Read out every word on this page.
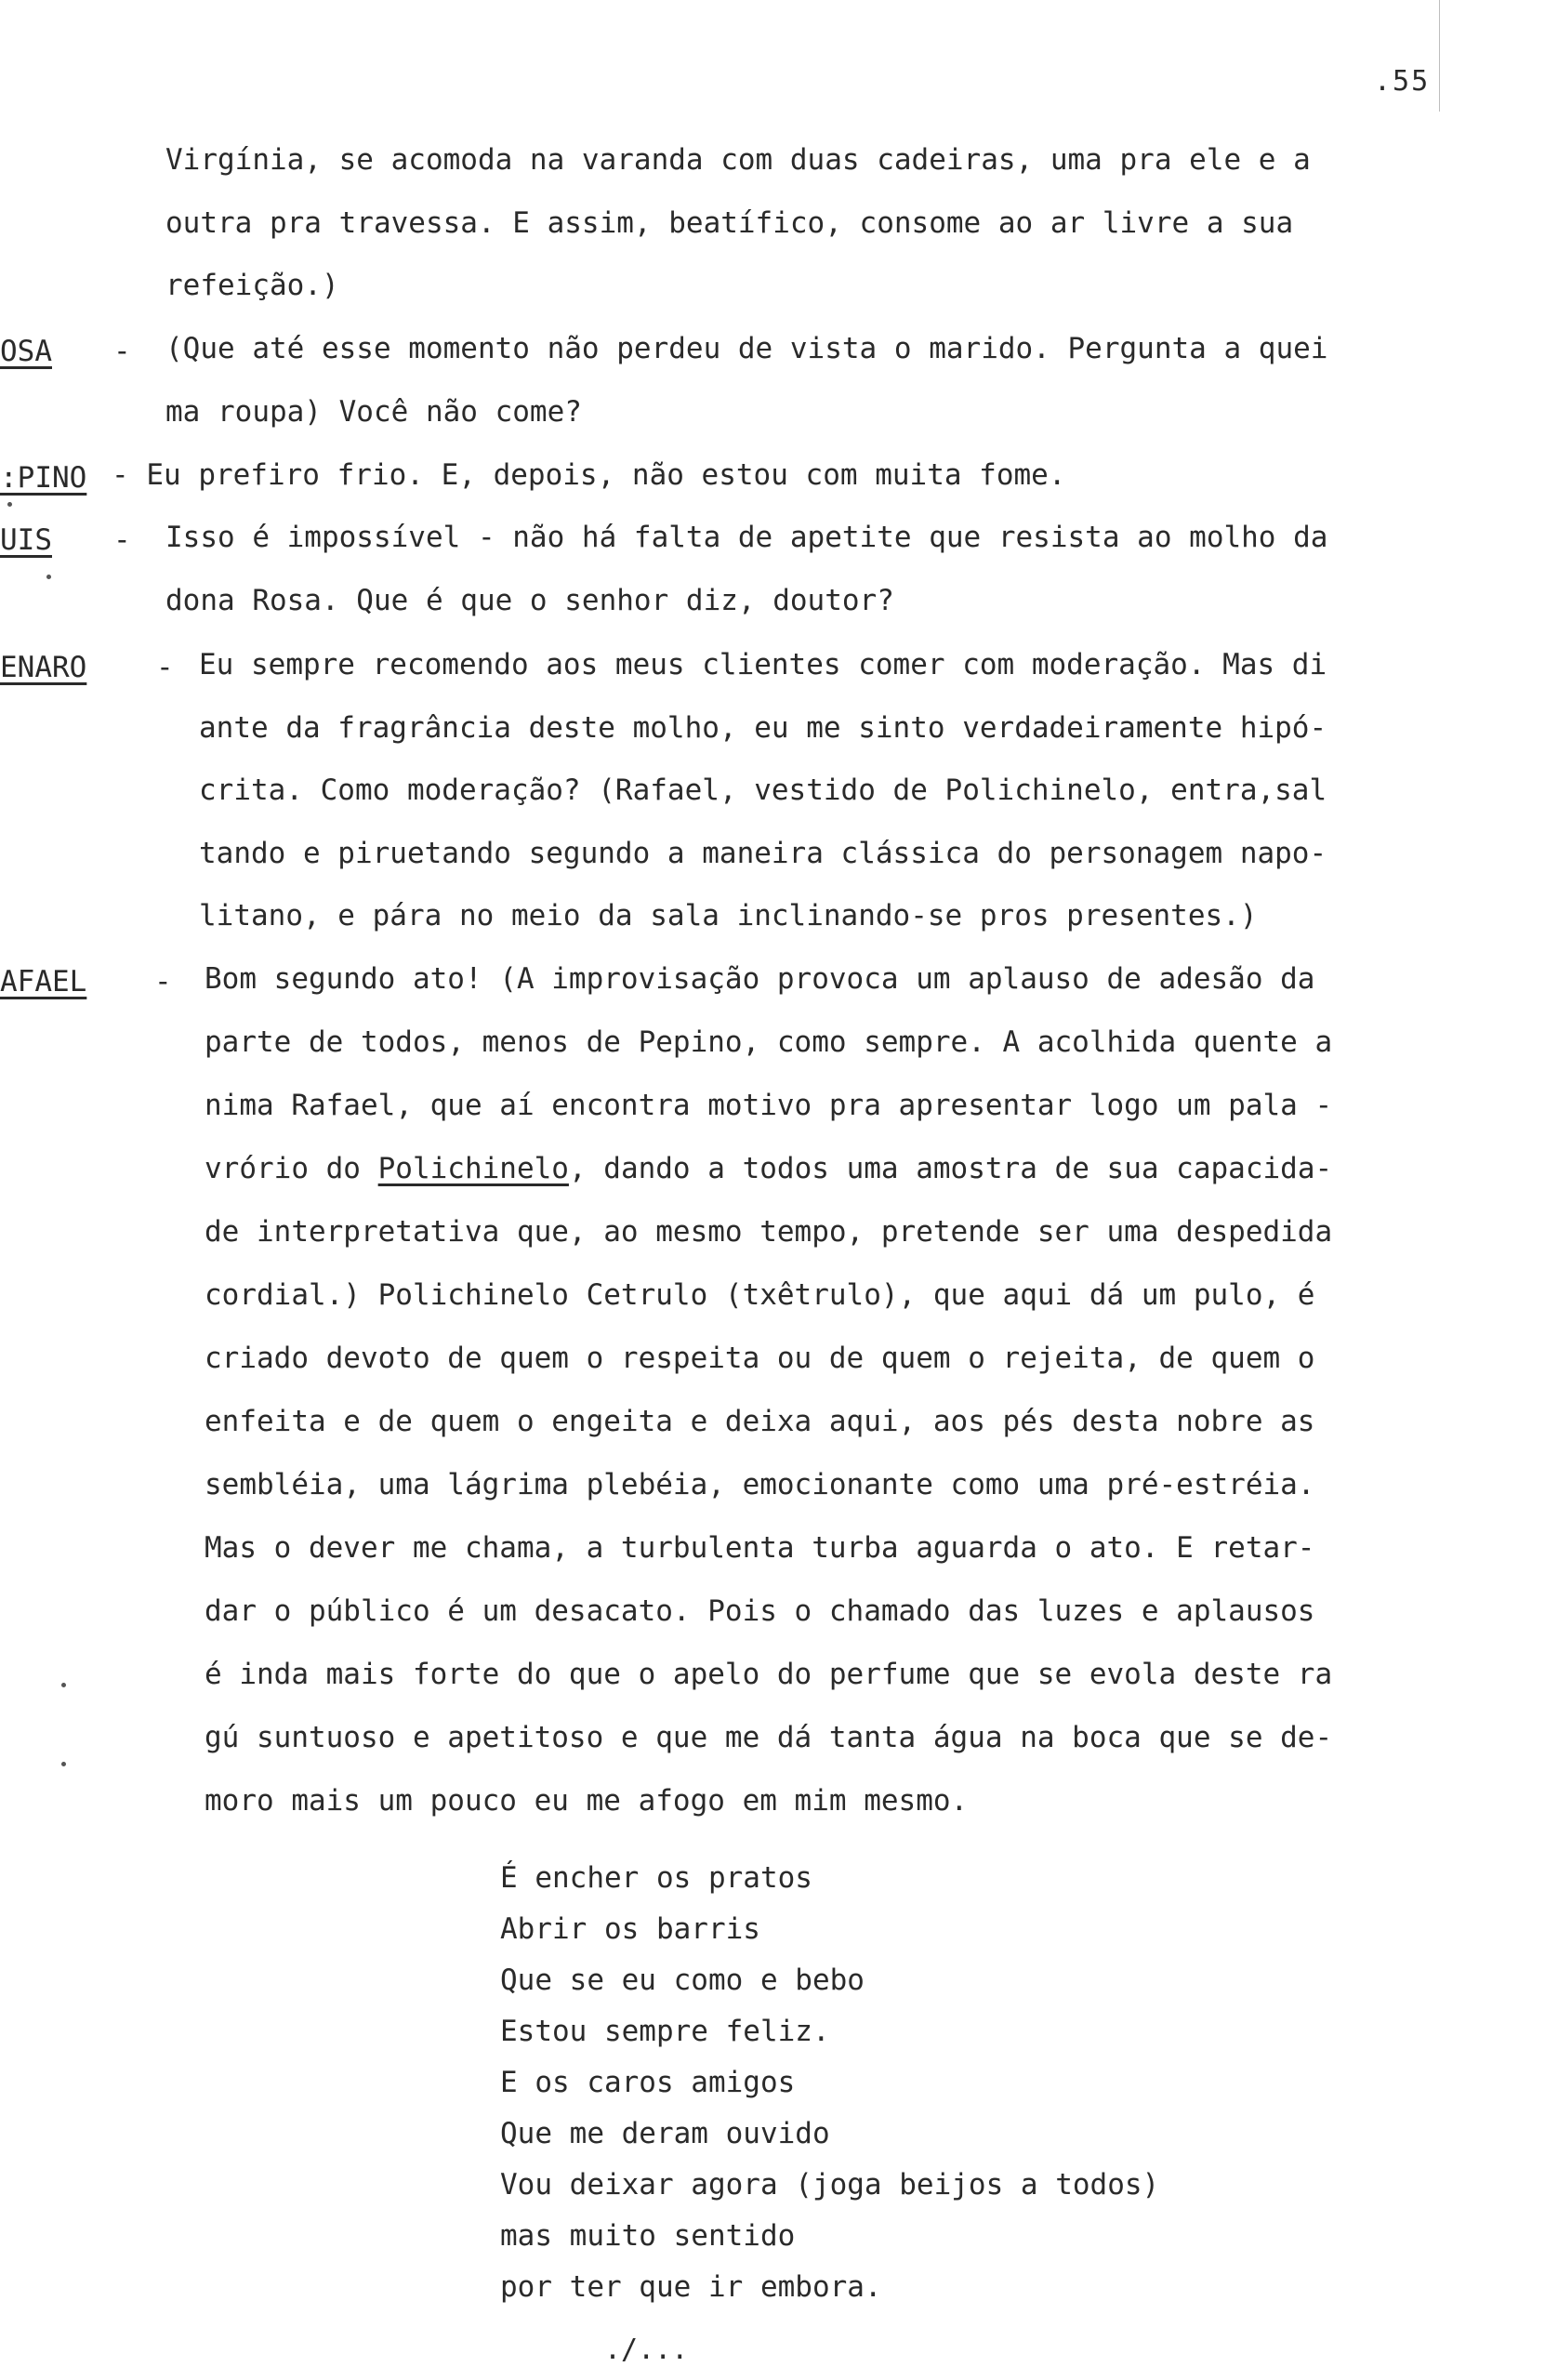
.55
Virgínia, se acomoda na varanda com duas cadeiras, uma pra ele e a
outra pra travessa. E assim, beatífico, consome ao ar livre a sua
refeição.)
OSA - (Que até esse momento não perdeu de vista o marido. Pergunta a quei
ma roupa) Você não come?
:PINO - Eu prefiro frio. E, depois, não estou com muita fome.
UIS - Isso é impossível - não há falta de apetite que resista ao molho da
dona Rosa. Que é que o senhor diz, doutor?
ENARO - Eu sempre recomendo aos meus clientes comer com moderação. Mas di
ante da fragrância deste molho, eu me sinto verdadeiramente hipó-
crita. Como moderação? (Rafael, vestido de Polichinelo, entra,sal
tando e piruetando segundo a maneira clássica do personagem napo-
litano, e pára no meio da sala inclinando-se pros presentes.)
AFAEL - Bom segundo ato! (A improvisação provoca um aplauso de adesão da
parte de todos, menos de Pepino, como sempre. A acolhida quente a
nima Rafael, que aí encontra motivo pra apresentar logo um pala -
vrório do Polichinelo, dando a todos uma amostra de sua capacida-
de interpretativa que, ao mesmo tempo, pretende ser uma despedida
cordial.) Polichinelo Cetrulo (txêtrulo), que aqui dá um pulo, é
criado devoto de quem o respeita ou de quem o rejeita, de quem o
enfeita e de quem o engeita e deixa aqui, aos pés desta nobre as
sembléia, uma lágrima plebéia, emocionante como uma pré-estréia.
Mas o dever me chama, a turbulenta turba aguarda o ato. E retar-
dar o público é um desacato. Pois o chamado das luzes e aplausos
é inda mais forte do que o apelo do perfume que se evola deste ra
gú suntuoso e apetitoso e que me dá tanta água na boca que se de-
moro mais um pouco eu me afogo em mim mesmo.
É encher os pratos
Abrir os barris
Que se eu como e bebo
Estou sempre feliz.
E os caros amigos
Que me deram ouvido
Vou deixar agora (joga beijos a todos)
mas muito sentido
por ter que ir embora.
./...
